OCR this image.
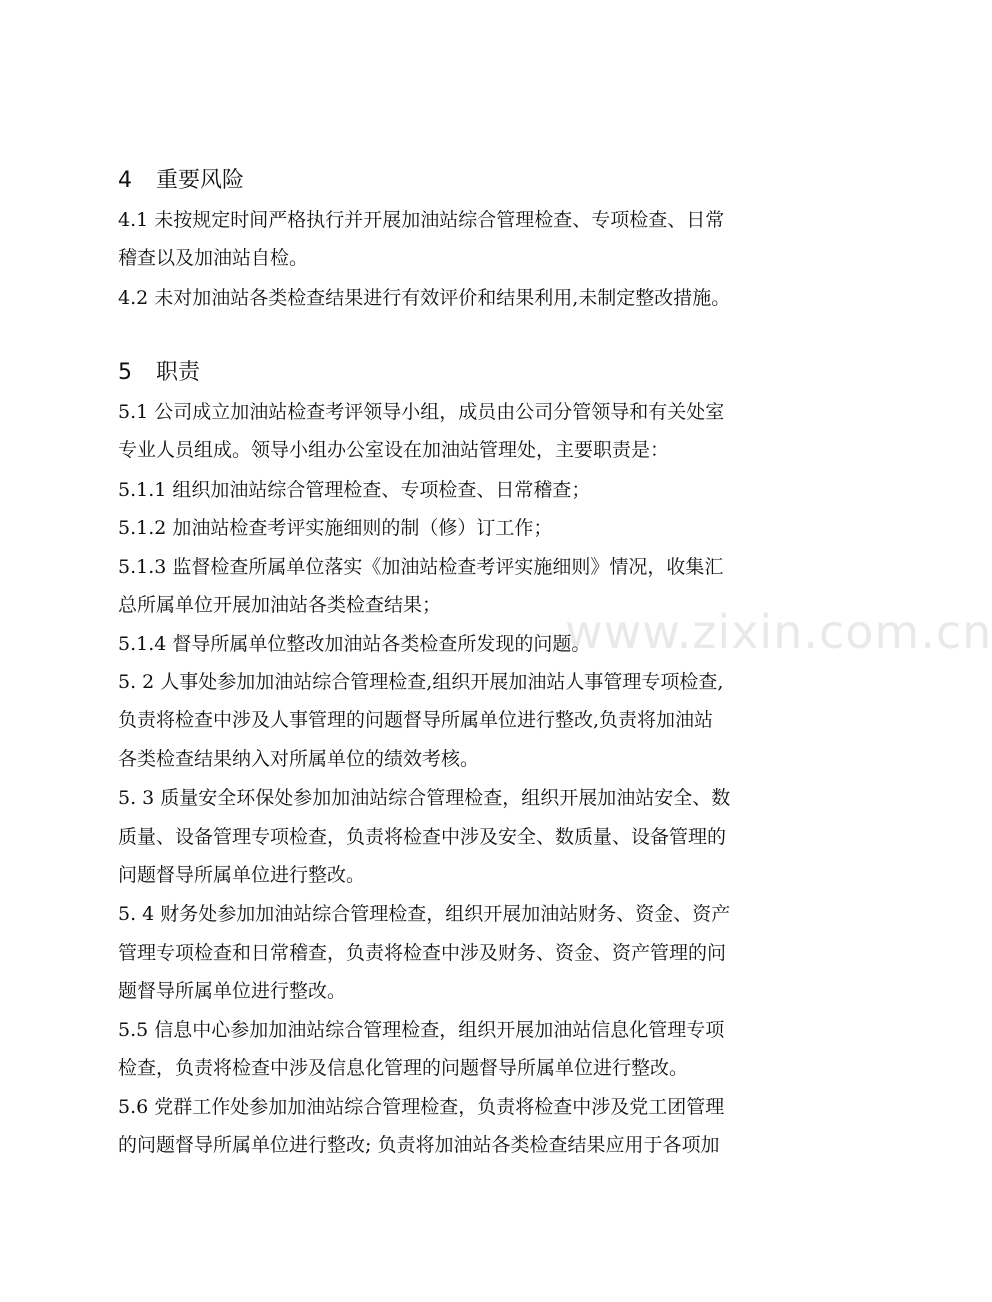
www.zixin.com.cn
4 重要风险
4.1 未按规定时间严格执行并开展加油站综合管理检查、专项检查、日常
稽查以及加油站自检。
4.2 未对加油站各类检查结果进行有效评价和结果利用,未制定整改措施。
5 职责
5.1 公司成立加油站检查考评领导小组，成员由公司分管领导和有关处室
专业人员组成。领导小组办公室设在加油站管理处，主要职责是：
5.1.1 组织加油站综合管理检查、专项检查、日常稽查；
5.1.2 加油站检查考评实施细则的制（修）订工作；
5.1.3 监督检查所属单位落实《加油站检查考评实施细则》情况，收集汇
总所属单位开展加油站各类检查结果；
5.1.4 督导所属单位整改加油站各类检查所发现的问题。
5. 2 人事处参加加油站综合管理检查,组织开展加油站人事管理专项检查,
负责将检查中涉及人事管理的问题督导所属单位进行整改,负责将加油站
各类检查结果纳入对所属单位的绩效考核。
5. 3 质量安全环保处参加加油站综合管理检查，组织开展加油站安全、数
质量、设备管理专项检查，负责将检查中涉及安全、数质量、设备管理的
问题督导所属单位进行整改。
5. 4 财务处参加加油站综合管理检查，组织开展加油站财务、资金、资产
管理专项检查和日常稽查，负责将检查中涉及财务、资金、资产管理的问
题督导所属单位进行整改。
5.5 信息中心参加加油站综合管理检查，组织开展加油站信息化管理专项
检查，负责将检查中涉及信息化管理的问题督导所属单位进行整改。
5.6 党群工作处参加加油站综合管理检查，负责将检查中涉及党工团管理
的问题督导所属单位进行整改; 负责将加油站各类检查结果应用于各项加
